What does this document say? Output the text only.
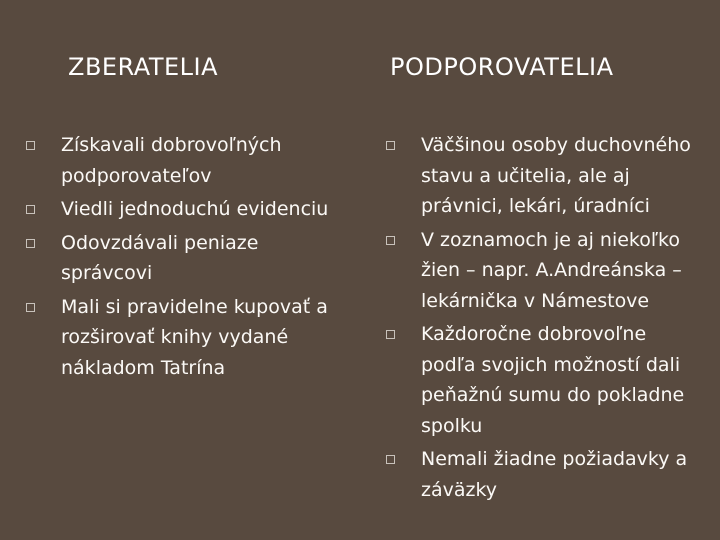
ZBERATELIA
Získavali dobrovoľných podporovateľov
Viedli jednoduchú evidenciu
Odovzdávali peniaze správcovi
Mali si pravidelne kupovať a rozširovať knihy vydané nákladom Tatrína
PODPOROVATELIA
Väčšinou osoby duchovného stavu a učitelia, ale aj právnici, lekári, úradníci
V zoznamoch je aj niekoľko žien – napr. A.Andreánska – lekárnička v Námestove
Každoročne dobrovoľne podľa svojich možností dali peňažnú sumu do pokladne spolku
Nemali žiadne požiadavky a záväzky
